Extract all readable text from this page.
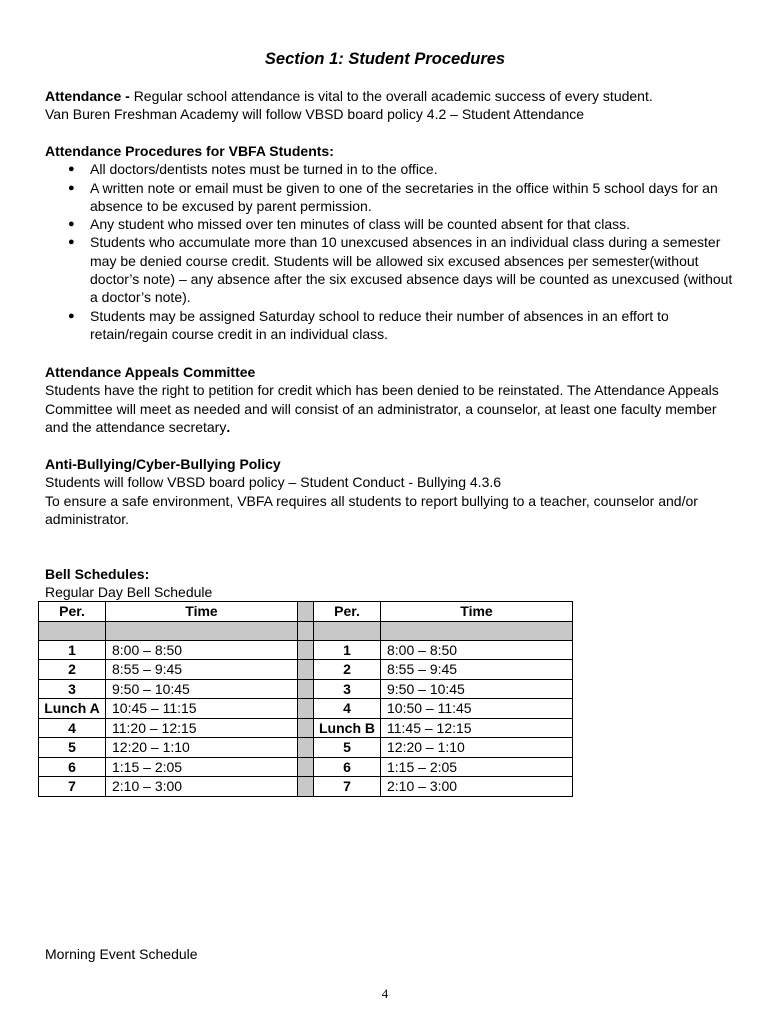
Section 1: Student Procedures

Attendance - Regular school attendance is vital to the overall academic success of every student.

Van Buren Freshman Academy will follow VBSD board policy 4.2 – Student Attendance

Attendance Procedures for VBFA Students:

● All doctors/dentists notes must be turned in to the office.
● A written note or email must be given to one of the secretaries in the office within 5 school days for an absence to be excused by parent permission.
● Any student who missed over ten minutes of class will be counted absent for that class.
● Students who accumulate more than 10 unexcused absences in an individual class during a semester may be denied course credit. Students will be allowed six excused absences per semester(without doctor’s note) – any absence after the six excused absence days will be counted as unexcused (without a doctor’s note).
● Students may be assigned Saturday school to reduce their number of absences in an effort to retain/regain course credit in an individual class.

Attendance Appeals Committee

Students have the right to petition for credit which has been denied to be reinstated. The Attendance Appeals Committee will meet as needed and will consist of an administrator, a counselor, at least one faculty member and the attendance secretary.

Anti-Bullying/Cyber-Bullying Policy

Students will follow VBSD board policy – Student Conduct - Bullying 4.3.6

To ensure a safe environment, VBFA requires all students to report bullying to a teacher, counselor and/or administrator.

Bell Schedules:

Regular Day Bell Schedule

Per.	Time		Per.	Time

1	8:00 – 8:50		1	8:00 – 8:50
2	8:55 – 9:45		2	8:55 – 9:45
3	9:50 – 10:45		3	9:50 – 10:45
Lunch A	10:45 – 11:15		4	10:50 – 11:45
4	11:20 – 12:15		Lunch B	11:45 – 12:15
5	12:20 – 1:10		5	12:20 – 1:10
6	1:15 – 2:05		6	1:15 – 2:05
7	2:10 – 3:00		7	2:10 – 3:00

Morning Event Schedule

4
